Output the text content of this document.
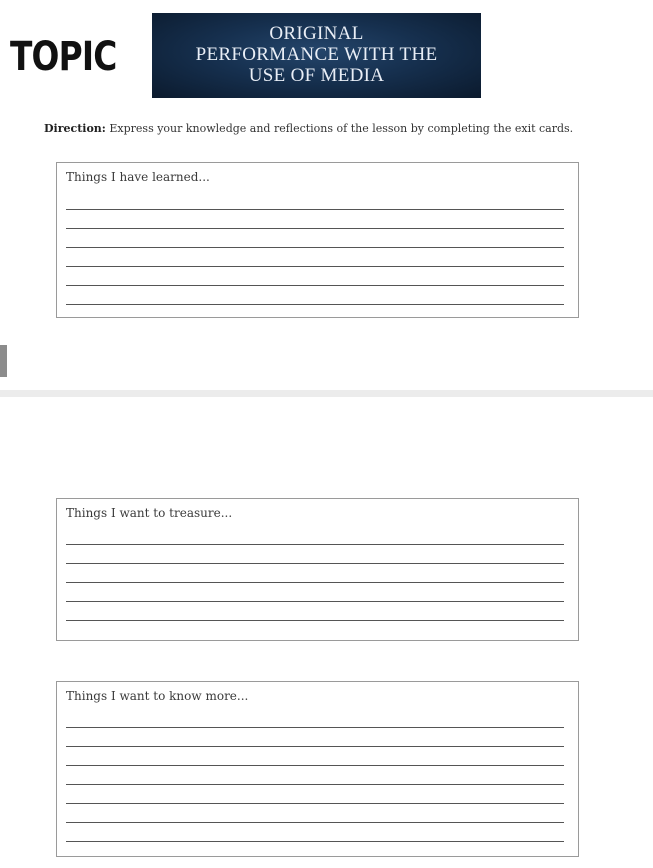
TOPIC
ORIGINAL
PERFORMANCE WITH THE
USE OF MEDIA
Direction: Express your knowledge and reflections of the lesson by completing the exit cards.
Things I have learned...
Things I want to treasure...
Things I want to know more...
